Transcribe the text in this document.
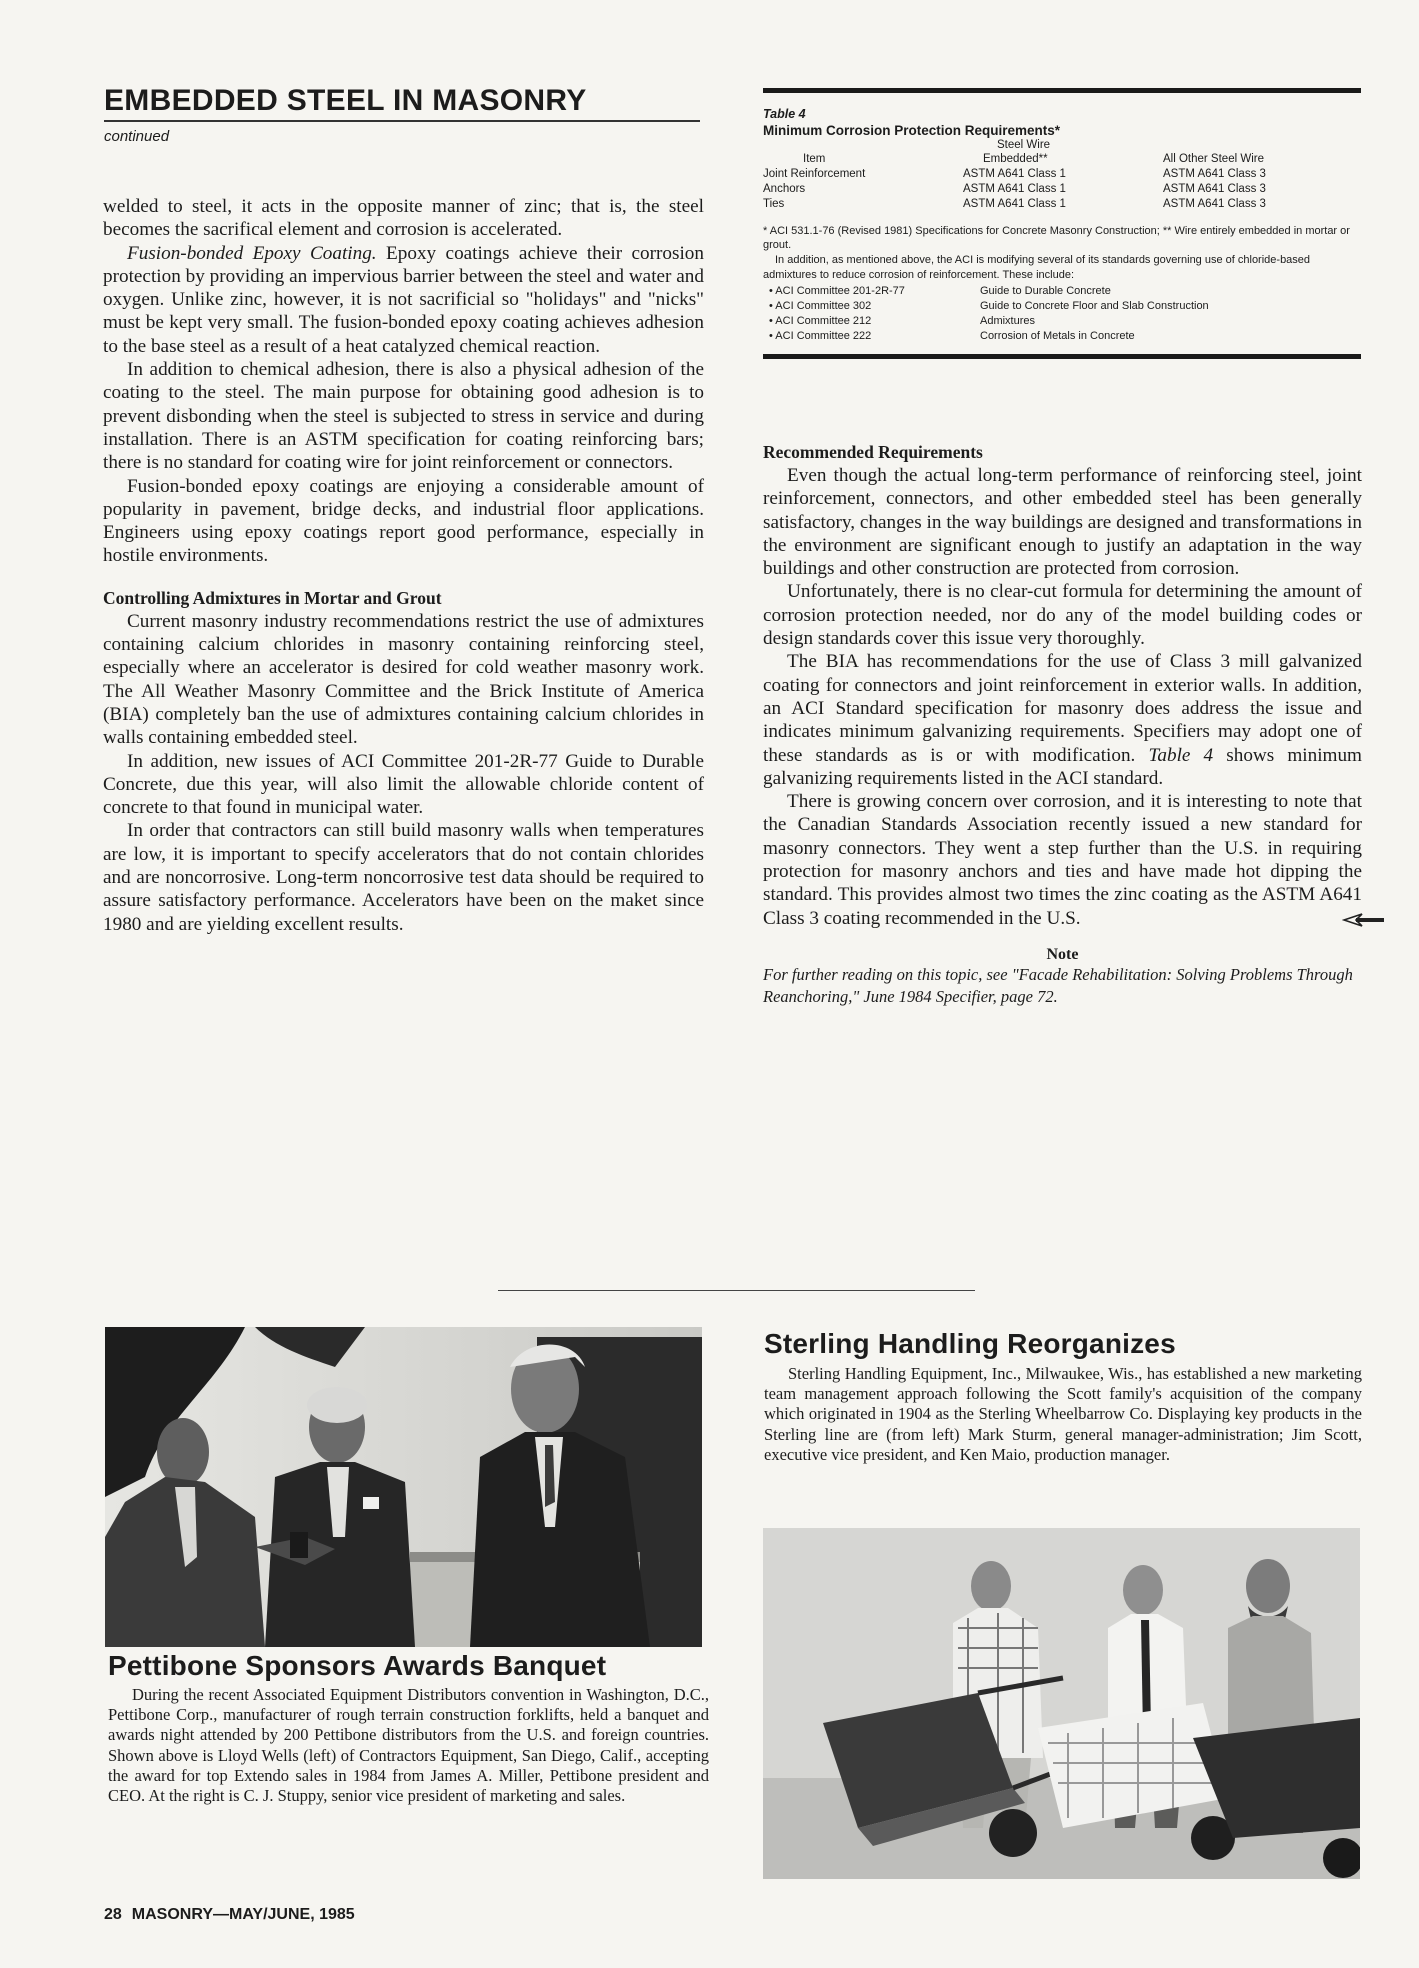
EMBEDDED STEEL IN MASONRY
continued

welded to steel, it acts in the opposite manner of zinc; that is, the steel becomes the sacrifical element and corrosion is accelerated.

Fusion-bonded Epoxy Coating. Epoxy coatings achieve their corrosion protection by providing an impervious barrier between the steel and water and oxygen. Unlike zinc, however, it is not sacrificial so "holidays" and "nicks" must be kept very small. The fusion-bonded epoxy coating achieves adhesion to the base steel as a result of a heat catalyzed chemical reaction.

In addition to chemical adhesion, there is also a physical adhesion of the coating to the steel. The main purpose for obtaining good adhesion is to prevent disbonding when the steel is subjected to stress in service and during installation. There is an ASTM specification for coating reinforcing bars; there is no standard for coating wire for joint reinforcement or connectors.

Fusion-bonded epoxy coatings are enjoying a considerable amount of popularity in pavement, bridge decks, and industrial floor applications. Engineers using epoxy coatings report good performance, especially in hostile environments.

Controlling Admixtures in Mortar and Grout

Current masonry industry recommendations restrict the use of admixtures containing calcium chlorides in masonry containing reinforcing steel, especially where an accelerator is desired for cold weather masonry work. The All Weather Masonry Committee and the Brick Institute of America (BIA) completely ban the use of admixtures containing calcium chlorides in walls containing embedded steel.

In addition, new issues of ACI Committee 201-2R-77 Guide to Durable Concrete, due this year, will also limit the allowable chloride content of concrete to that found in municipal water.

In order that contractors can still build masonry walls when temperatures are low, it is important to specify accelerators that do not contain chlorides and are noncorrosive. Long-term noncorrosive test data should be required to assure satisfactory performance. Accelerators have been on the maket since 1980 and are yielding excellent results.

Table 4
Minimum Corrosion Protection Requirements*
Steel Wire
Item	Embedded**	All Other Steel Wire
Joint Reinforcement	ASTM A641 Class 1	ASTM A641 Class 3
Anchors	ASTM A641 Class 1	ASTM A641 Class 3
Ties	ASTM A641 Class 1	ASTM A641 Class 3
* ACI 531.1-76 (Revised 1981) Specifications for Concrete Masonry Construction; ** Wire entirely embedded in mortar or grout.
In addition, as mentioned above, the ACI is modifying several of its standards governing use of chloride-based admixtures to reduce corrosion of reinforcement. These include:
• ACI Committee 201-2R-77	Guide to Durable Concrete
• ACI Committee 302	Guide to Concrete Floor and Slab Construction
• ACI Committee 212	Admixtures
• ACI Committee 222	Corrosion of Metals in Concrete
Recommended Requirements

Even though the actual long-term performance of reinforcing steel, joint reinforcement, connectors, and other embedded steel has been generally satisfactory, changes in the way buildings are designed and transformations in the environment are significant enough to justify an adaptation in the way buildings and other construction are protected from corrosion.

Unfortunately, there is no clear-cut formula for determining the amount of corrosion protection needed, nor do any of the model building codes or design standards cover this issue very thoroughly.

The BIA has recommendations for the use of Class 3 mill galvanized coating for connectors and joint reinforcement in exterior walls. In addition, an ACI Standard specification for masonry does address the issue and indicates minimum galvanizing requirements. Specifiers may adopt one of these standards as is or with modification. Table 4 shows minimum galvanizing requirements listed in the ACI standard.

There is growing concern over corrosion, and it is interesting to note that the Canadian Standards Association recently issued a new standard for masonry connectors. They went a step further than the U.S. in requiring protection for masonry anchors and ties and have made hot dipping the standard. This provides almost two times the zinc coating as the ASTM A641 Class 3 coating recommended in the U.S.

Note

For further reading on this topic, see "Facade Rehabilitation: Solving Problems Through Reanchoring," June 1984 Specifier, page 72.

Pettibone Sponsors Awards Banquet

During the recent Associated Equipment Distributors convention in Washington, D.C., Pettibone Corp., manufacturer of rough terrain construction forklifts, held a banquet and awards night attended by 200 Pettibone distributors from the U.S. and foreign countries. Shown above is Lloyd Wells (left) of Contractors Equipment, San Diego, Calif., accepting the award for top Extendo sales in 1984 from James A. Miller, Pettibone president and CEO. At the right is C. J. Stuppy, senior vice president of marketing and sales.

Sterling Handling Reorganizes

Sterling Handling Equipment, Inc., Milwaukee, Wis., has established a new marketing team management approach following the Scott family's acquisition of the company which originated in 1904 as the Sterling Wheelbarrow Co. Displaying key products in the Sterling line are (from left) Mark Sturm, general manager-administration; Jim Scott, executive vice president, and Ken Maio, production manager.

28 MASONRY—MAY/JUNE, 1985
